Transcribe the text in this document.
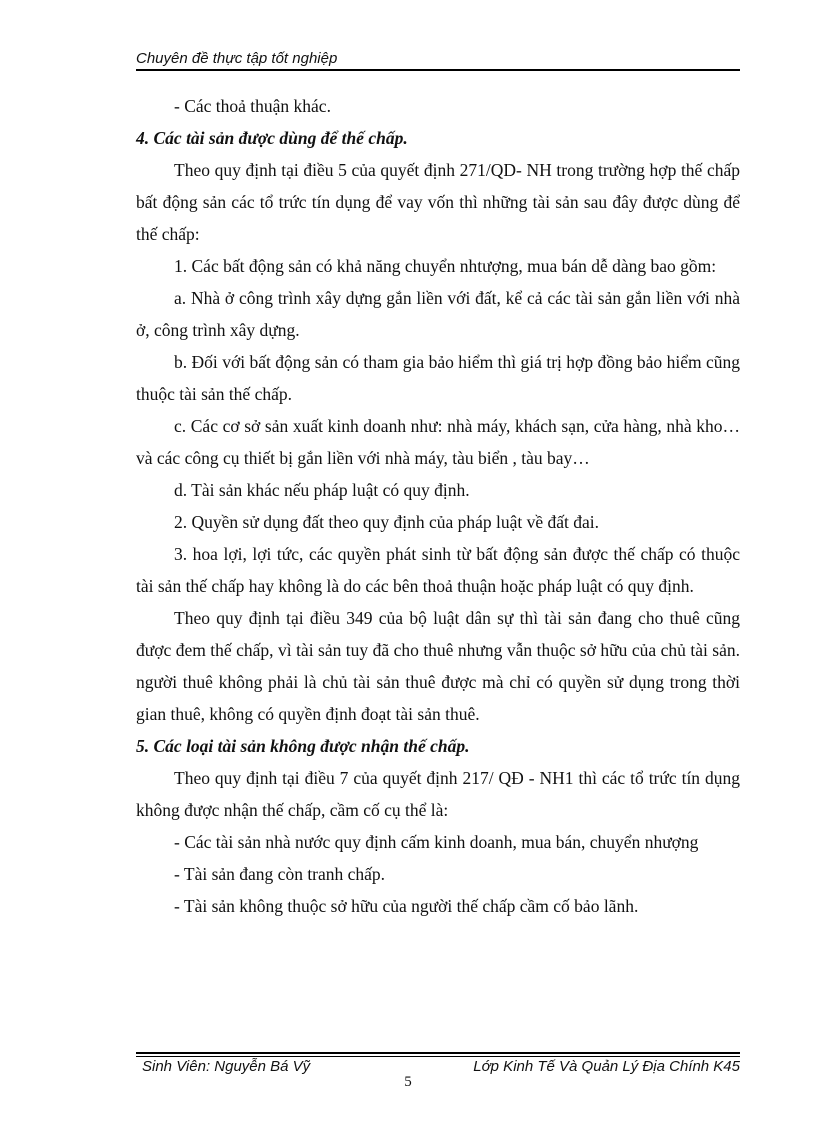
Chuyên đề thực tập tốt nghiệp

- Các thoả thuận khác.

4. Các tài sản được dùng để thế chấp.

Theo quy định tại điều 5 của quyết định 271/QD- NH trong trường hợp thế chấp bất động sản các tổ trức tín dụng để vay vốn thì những tài sản sau đây được dùng để thế chấp:

1. Các bất động sản có khả năng chuyển nhtượng, mua bán dễ dàng bao gồm:

a. Nhà ở công trình xây dựng gắn liền với đất, kể cả các tài sản gắn liền với nhà ở, công trình xây dựng.

b. Đối với bất động sản có tham gia bảo hiểm thì giá trị hợp đồng bảo hiểm cũng thuộc tài sản thế chấp.

c. Các cơ sở sản xuất kinh doanh như: nhà máy, khách sạn, cửa hàng, nhà kho… và các công cụ thiết bị gắn liền với nhà máy, tàu biển , tàu bay…

d. Tài sản khác nếu pháp luật có quy định.

2. Quyền sử dụng đất theo quy định của pháp luật về đất đai.

3. hoa lợi, lợi tức, các quyền phát sinh từ bất động sản được thế chấp có thuộc tài sản thế chấp hay không là do các bên thoả thuận hoặc pháp luật có quy định.

Theo quy định tại điều 349 của bộ luật dân sự thì tài sản đang cho thuê cũng được đem thế chấp, vì tài sản tuy đã cho thuê nhưng vẫn thuộc sở hữu của chủ tài sản. người thuê không phải là chủ tài sản thuê được mà chỉ có quyền sử dụng trong thời gian thuê, không có quyền định đoạt tài sản thuê.

5. Các loại tài sản không được nhận thế chấp.

Theo quy định tại điều 7 của quyết định 217/ QĐ - NH1 thì các tổ trức tín dụng không được nhận thế chấp, cầm cố cụ thể là:

- Các tài sản nhà nước quy định cấm kinh doanh, mua bán, chuyển nhượng

- Tài sản đang còn tranh chấp.

- Tài sản không thuộc sở hữu của người thế chấp cầm cố bảo lãnh.

Sinh Viên: Nguyễn Bá Vỹ	Lớp Kinh Tế Và Quản Lý Địa Chính K45
5
